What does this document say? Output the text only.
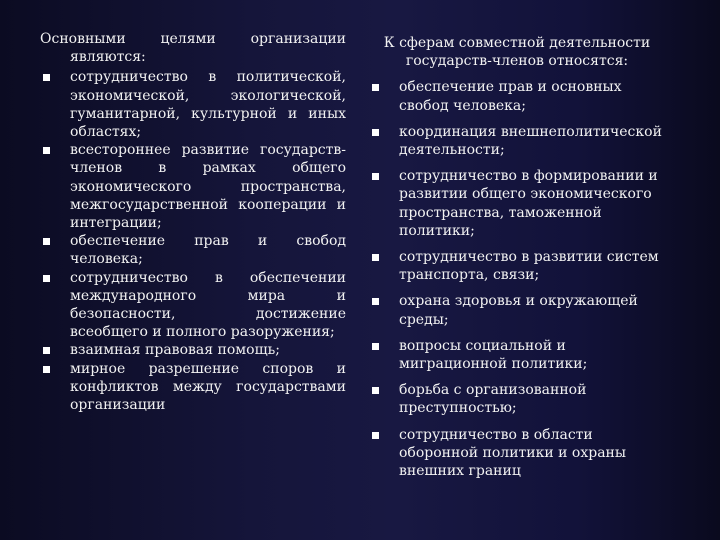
Основными целями организации
являются:
сотрудничество в политической, экономической, экологической, гуманитарной, культурной и иных областях;
всестороннее развитие государств-членов в рамках общего экономического пространства, межгосударственной кооперации и интеграции;
обеспечение прав и свобод человека;
сотрудничество в обеспечении международного мира и безопасности, достижение всеобщего и полного разоружения;
взаимная правовая помощь;
мирное разрешение споров и конфликтов между государствами организации
К сферам совместной деятельности государств-членов относятся:
обеспечение прав и основных свобод человека;
координация внешнеполитической деятельности;
сотрудничество в формировании и развитии общего экономического пространства, таможенной политики;
сотрудничество в развитии систем транспорта, связи;
охрана здоровья и окружающей среды;
вопросы социальной и миграционной политики;
борьба с организованной преступностью;
сотрудничество в области оборонной политики и охраны внешних границ
